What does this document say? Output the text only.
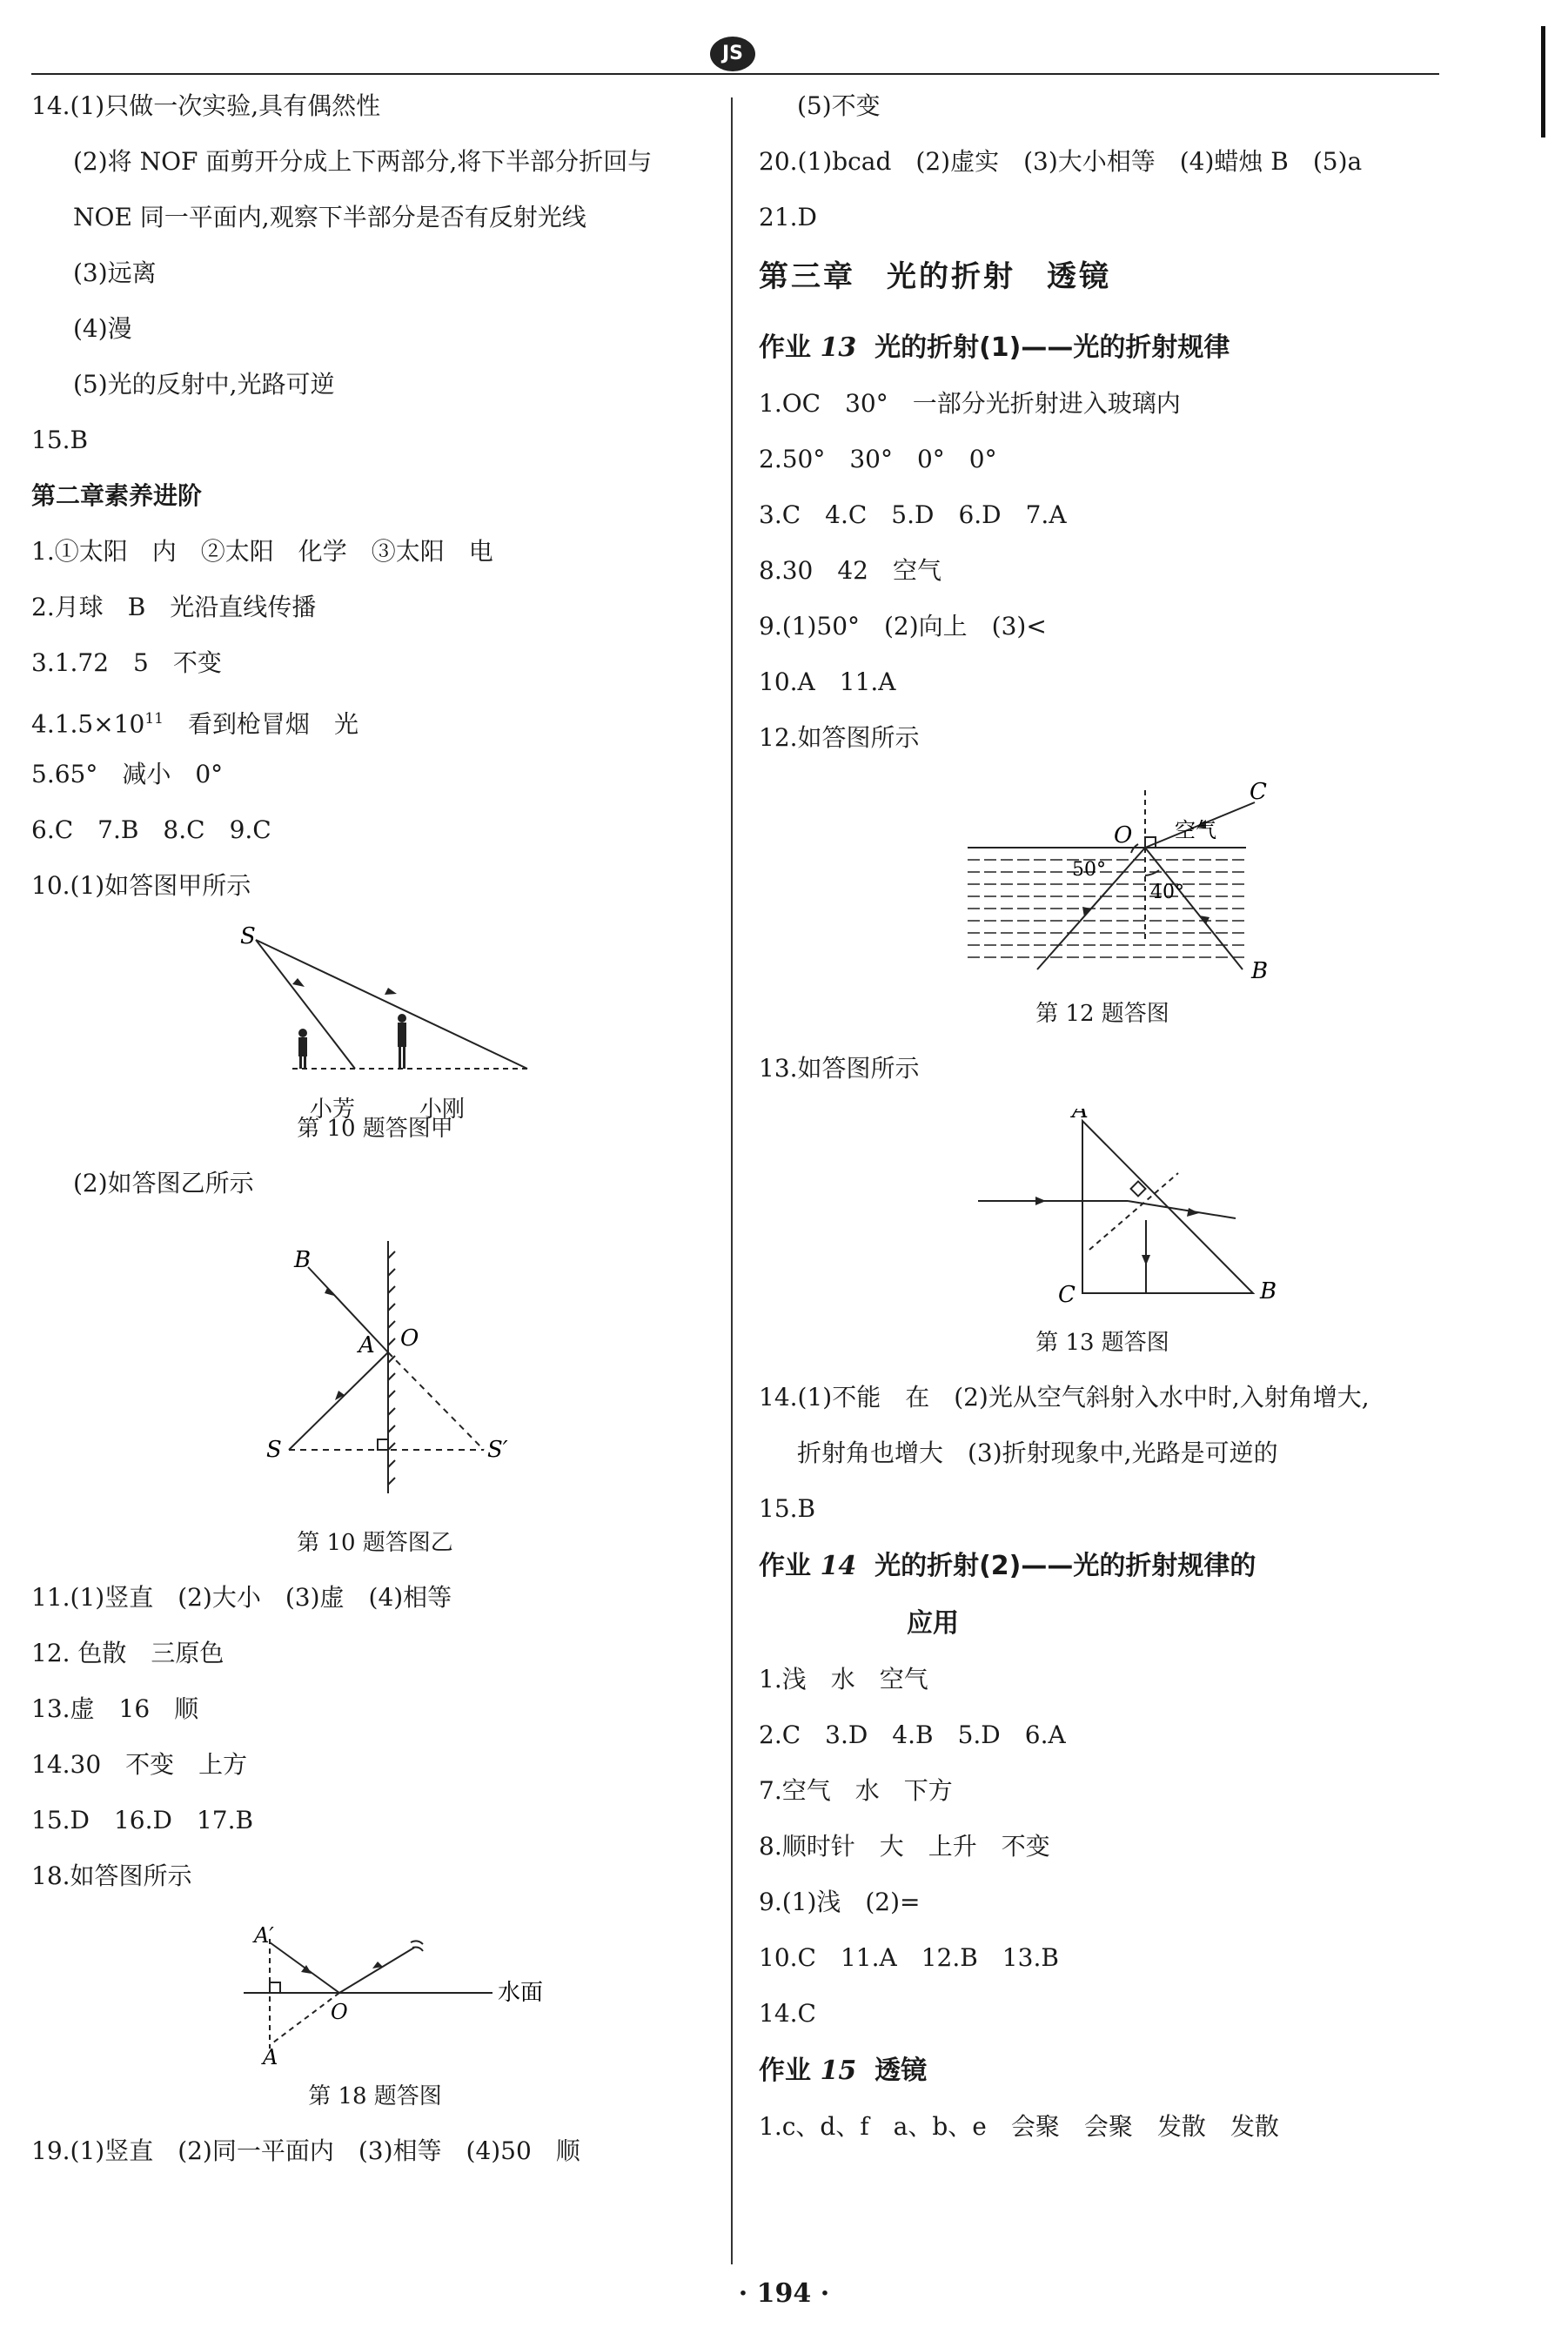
JS
14.(1)只做一次实验,具有偶然性
(2)将 NOF 面剪开分成上下两部分,将下半部分折回与
NOE 同一平面内,观察下半部分是否有反射光线
(3)远离
(4)漫
(5)光的反射中,光路可逆
15.B
第二章素养进阶
1.①太阳　内　②太阳　化学　③太阳　电
2.月球　B　光沿直线传播
3.1.72　5　不变
$4.1.5\times 10^{11}$　看到枪冒烟　光
5.65°　减小　0°
6.C　7.B　8.C　9.C
10.(1)如答图甲所示
S
小芳	小刚
第 10 题答图甲
(2)如答图乙所示
B
A O
S	S′
第 10 题答图乙
11.(1)竖直　(2)大小　(3)虚　(4)相等
12. 色散　三原色
13.虚　16　顺
14.30　不变　上方
15.D　16.D　17.B
18.如答图所示
A′
O
A
水面
第 18 题答图
19.(1)竖直　(2)同一平面内　(3)相等　(4)50　顺
(5)不变
20.(1)bcad　(2)虚实　(3)大小相等　(4)蜡烛 B　(5)a
21.D
第三章 光的折射 透镜
作业 13 光的折射(1)——光的折射规律
1.OC　30°　一部分光折射进入玻璃内
2.50°　30°　0°　0°
3.C　4.C　5.D　6.D　7.A
8.30　42　空气
9.(1)50°　(2)向上　(3)<
10.A　11.A
12.如答图所示
C
O 空气
50°
40°
B
第 12 题答图
13.如答图所示
A
C	B
第 13 题答图
14.(1)不能　在　(2)光从空气斜射入水中时,入射角增大,
折射角也增大　(3)折射现象中,光路是可逆的
15.B
作业 14 光的折射(2)——光的折射规律的
应用
1.浅　水　空气
2.C　3.D　4.B　5.D　6.A
7.空气　水　下方
8.顺时针　大　上升　不变
9.(1)浅　(2)=
10.C　11.A　12.B　13.B
14.C
作业 15 透镜
1.c、d、f　a、b、e　会聚　会聚　发散　发散
· 194 ·
